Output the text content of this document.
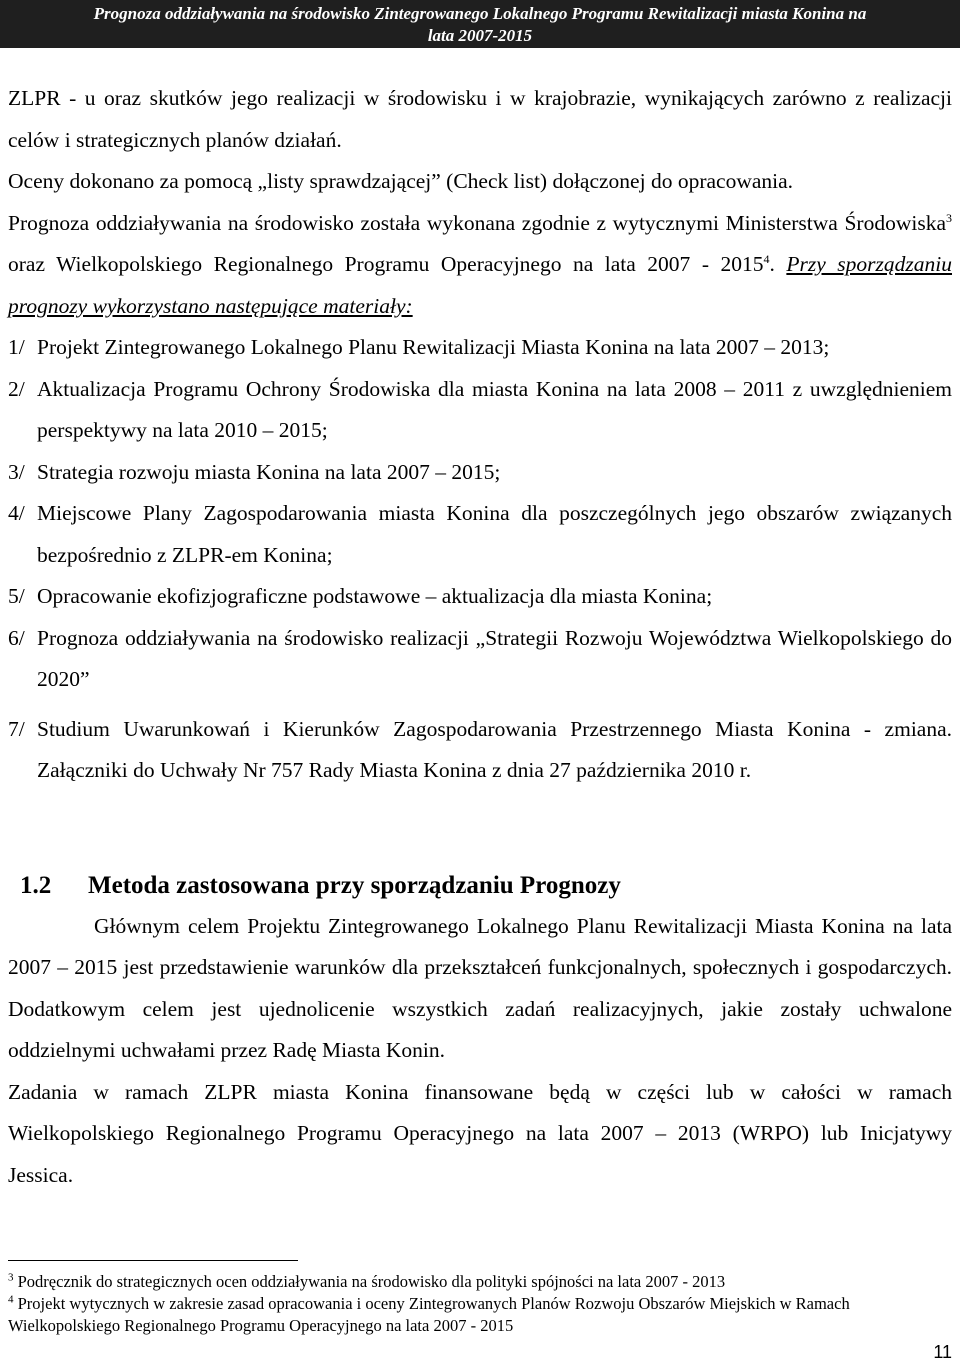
Prognoza oddziaływania na środowisko Zintegrowanego Lokalnego Programu Rewitalizacji miasta Konina na
lata 2007-2015

ZLPR - u oraz skutków jego realizacji w środowisku i w krajobrazie, wynikających zarówno z realizacji celów i strategicznych planów działań.

Oceny dokonano za pomocą „listy sprawdzającej” (Check list) dołączonej do opracowania.

Prognoza oddziaływania na środowisko została wykonana zgodnie z wytycznymi Ministerstwa Środowiska$^3$ oraz Wielkopolskiego Regionalnego Programu Operacyjnego na lata 2007 - 2015$^4$. Przy sporządzaniu prognozy wykorzystano następujące materiały:

1/ Projekt Zintegrowanego Lokalnego Planu Rewitalizacji Miasta Konina na lata 2007 – 2013;
2/ Aktualizacja Programu Ochrony Środowiska dla miasta Konina na lata 2008 – 2011 z uwzględnieniem perspektywy na lata 2010 – 2015;
3/ Strategia rozwoju miasta Konina na lata 2007 – 2015;
4/ Miejscowe Plany Zagospodarowania miasta Konina dla poszczególnych jego obszarów związanych bezpośrednio z ZLPR-em Konina;
5/ Opracowanie ekofizjograficzne podstawowe – aktualizacja dla miasta Konina;
6/ Prognoza oddziaływania na środowisko realizacji „Strategii Rozwoju Województwa Wielkopolskiego do 2020”
7/ Studium Uwarunkowań i Kierunków Zagospodarowania Przestrzennego Miasta Konina - zmiana. Załączniki do Uchwały Nr 757 Rady Miasta Konina z dnia 27 października 2010 r.
1.2 Metoda zastosowana przy sporządzaniu Prognozy

Głównym celem Projektu Zintegrowanego Lokalnego Planu Rewitalizacji Miasta Konina na lata 2007 – 2015 jest przedstawienie warunków dla przekształceń funkcjonalnych, społecznych i gospodarczych. Dodatkowym celem jest ujednolicenie wszystkich zadań realizacyjnych, jakie zostały uchwalone oddzielnymi uchwałami przez Radę Miasta Konin.

Zadania w ramach ZLPR miasta Konina finansowane będą w części lub w całości w ramach Wielkopolskiego Regionalnego Programu Operacyjnego na lata 2007 – 2013 (WRPO) lub Inicjatywy Jessica.

$^3$ Podręcznik do strategicznych ocen oddziaływania na środowisko dla polityki spójności na lata 2007 - 2013

$^4$ Projekt wytycznych w zakresie zasad opracowania i oceny Zintegrowanych Planów Rozwoju Obszarów Miejskich w Ramach Wielkopolskiego Regionalnego Programu Operacyjnego na lata 2007 - 2015

11
